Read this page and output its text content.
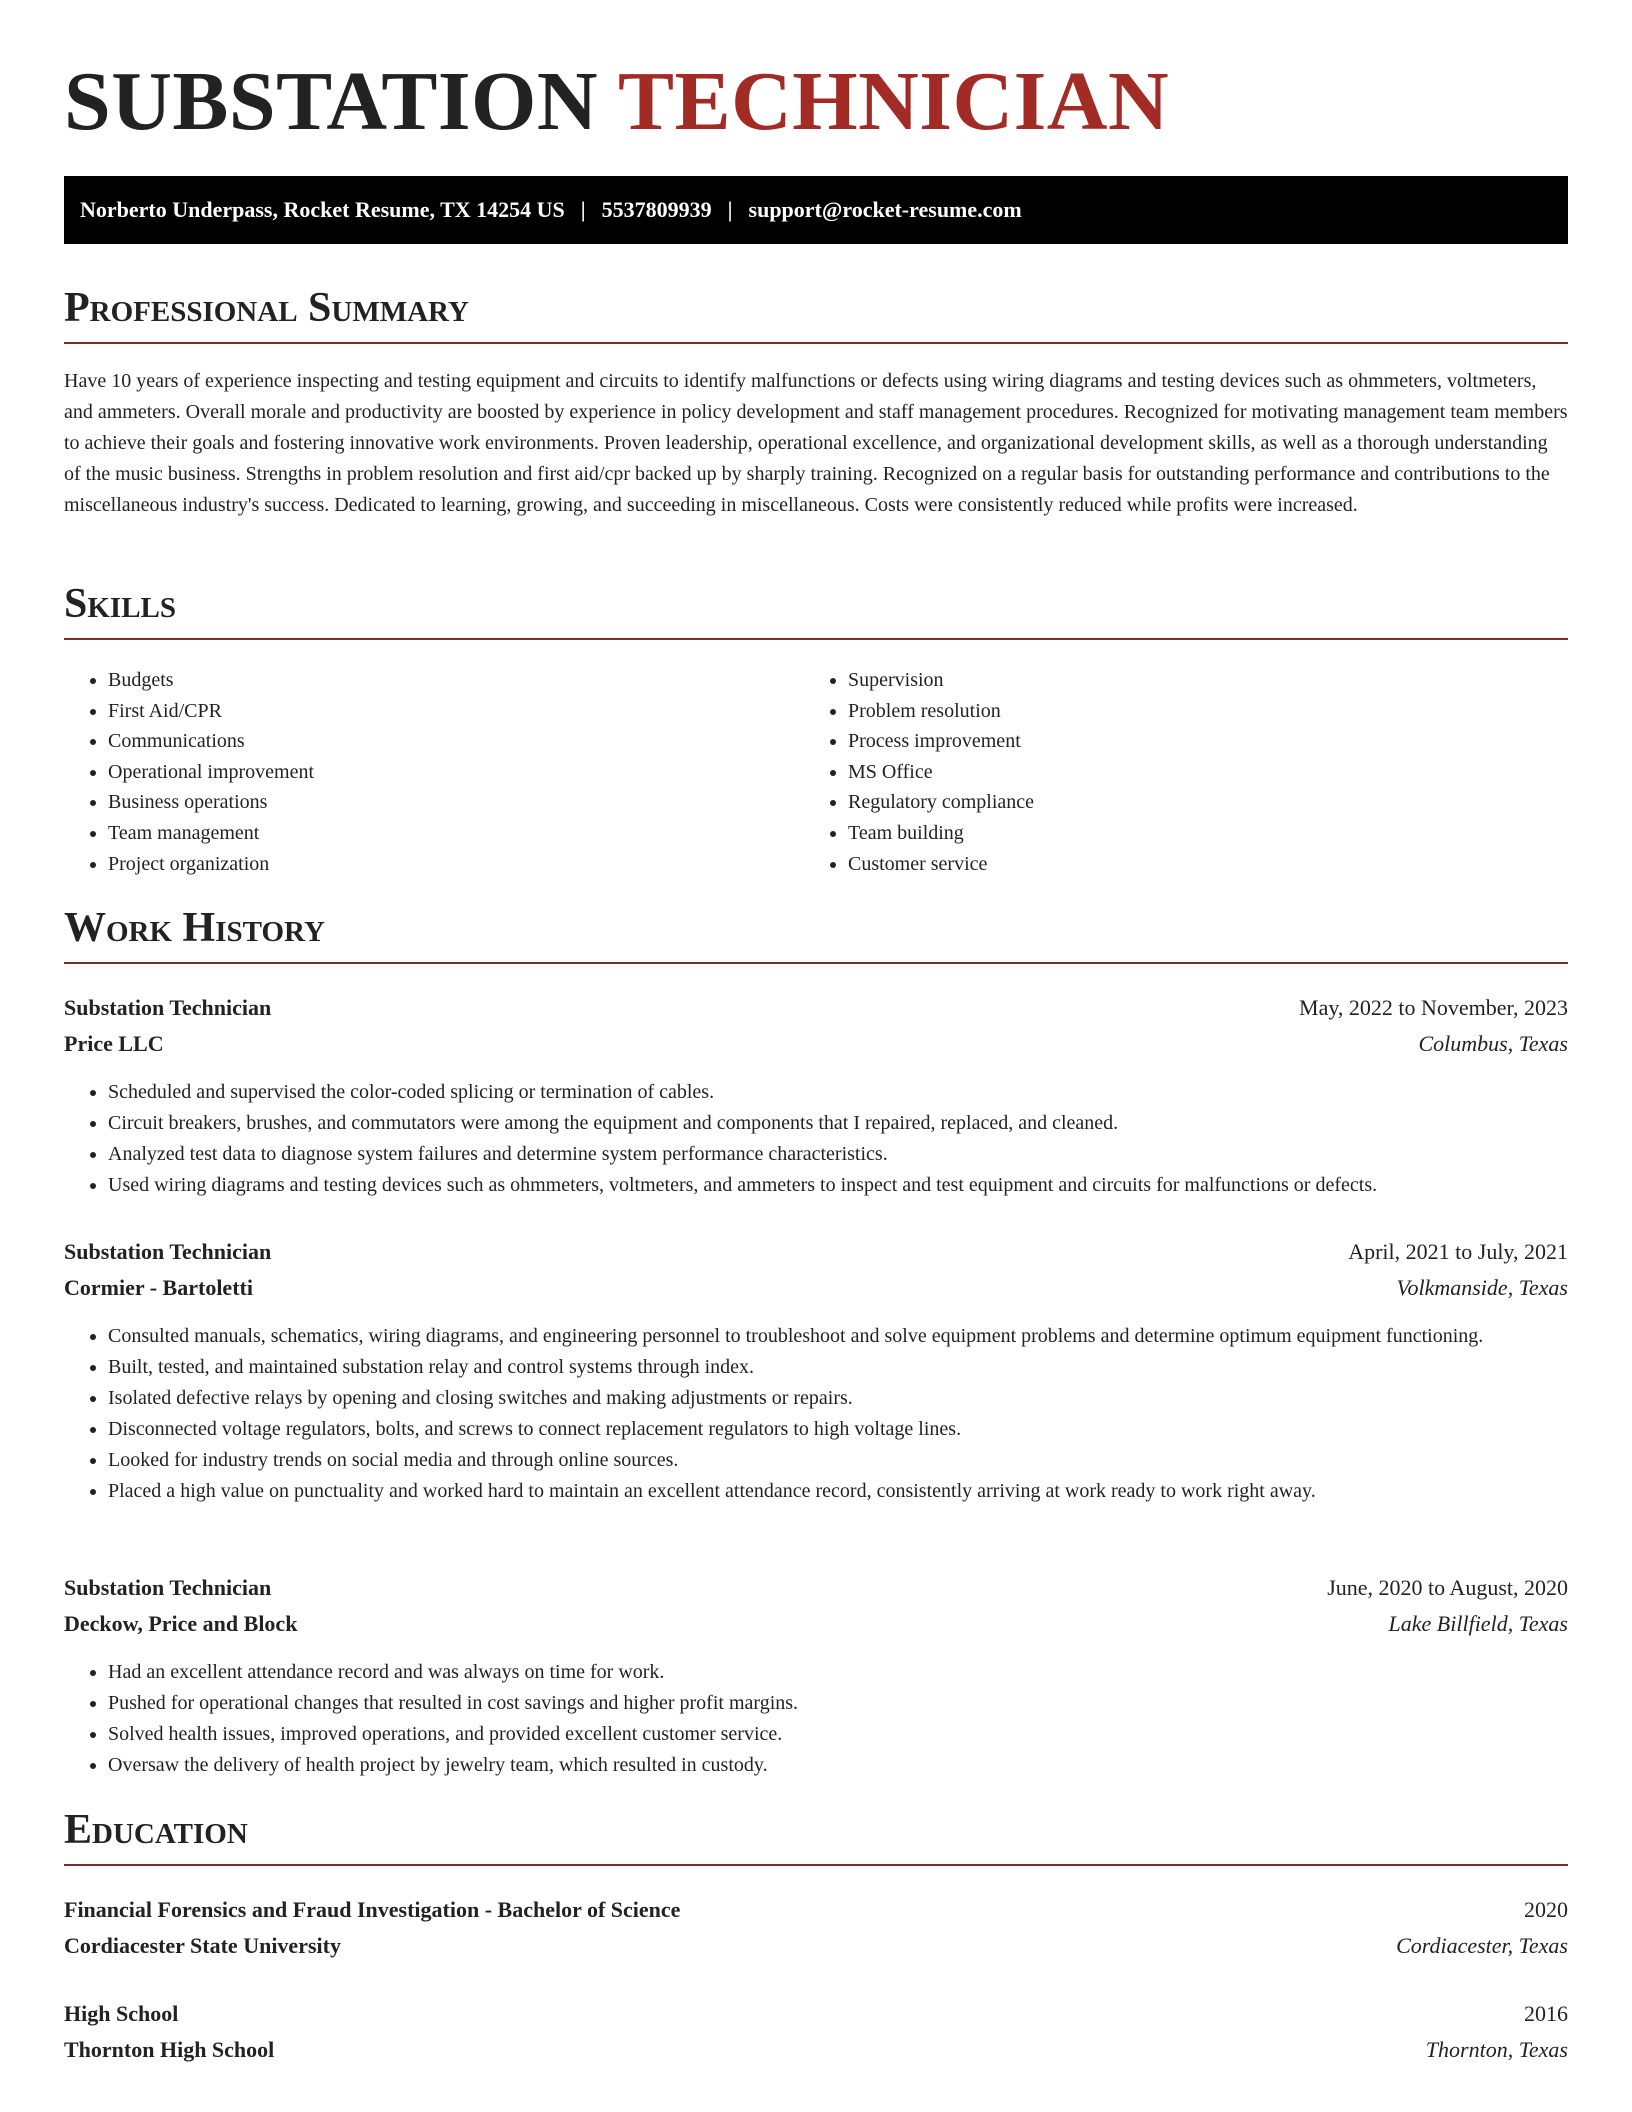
SUBSTATION TECHNICIAN
Norberto Underpass, Rocket Resume, TX 14254 US | 5537809939 | support@rocket-resume.com
Professional Summary

Have 10 years of experience inspecting and testing equipment and circuits to identify malfunctions or defects using wiring diagrams and testing devices such as ohmmeters, voltmeters, and ammeters. Overall morale and productivity are boosted by experience in policy development and staff management procedures. Recognized for motivating management team members to achieve their goals and fostering innovative work environments. Proven leadership, operational excellence, and organizational development skills, as well as a thorough understanding of the music business. Strengths in problem resolution and first aid/cpr backed up by sharply training. Recognized on a regular basis for outstanding performance and contributions to the miscellaneous industry's success. Dedicated to learning, growing, and succeeding in miscellaneous. Costs were consistently reduced while profits were increased.

Skills
• Budgets
• First Aid/CPR
• Communications
• Operational improvement
• Business operations
• Team management
• Project organization
• Supervision
• Problem resolution
• Process improvement
• MS Office
• Regulatory compliance
• Team building
• Customer service
Work History
Substation Technician	May, 2022 to November, 2023
Price LLC	Columbus, Texas
• Scheduled and supervised the color-coded splicing or termination of cables.
• Circuit breakers, brushes, and commutators were among the equipment and components that I repaired, replaced, and cleaned.
• Analyzed test data to diagnose system failures and determine system performance characteristics.
• Used wiring diagrams and testing devices such as ohmmeters, voltmeters, and ammeters to inspect and test equipment and circuits for malfunctions or defects.
Substation Technician	April, 2021 to July, 2021
Cormier - Bartoletti	Volkmanside, Texas
• Consulted manuals, schematics, wiring diagrams, and engineering personnel to troubleshoot and solve equipment problems and determine optimum equipment functioning.
• Built, tested, and maintained substation relay and control systems through index.
• Isolated defective relays by opening and closing switches and making adjustments or repairs.
• Disconnected voltage regulators, bolts, and screws to connect replacement regulators to high voltage lines.
• Looked for industry trends on social media and through online sources.
• Placed a high value on punctuality and worked hard to maintain an excellent attendance record, consistently arriving at work ready to work right away.
Substation Technician	June, 2020 to August, 2020
Deckow, Price and Block	Lake Billfield, Texas
• Had an excellent attendance record and was always on time for work.
• Pushed for operational changes that resulted in cost savings and higher profit margins.
• Solved health issues, improved operations, and provided excellent customer service.
• Oversaw the delivery of health project by jewelry team, which resulted in custody.
Education
Financial Forensics and Fraud Investigation - Bachelor of Science	2020
Cordiacester State University	Cordiacester, Texas
High School	2016
Thornton High School	Thornton, Texas
